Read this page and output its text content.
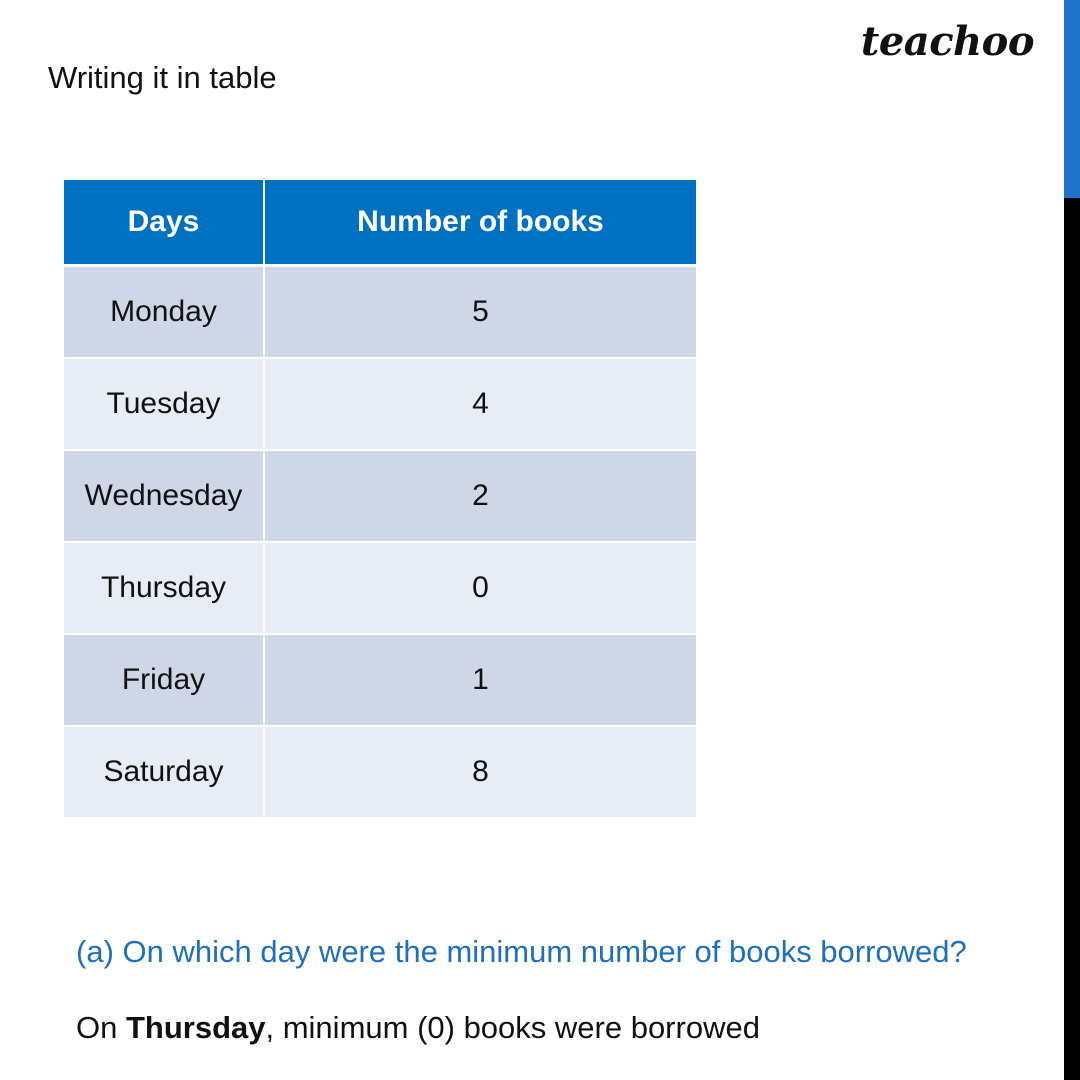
teachoo
Writing it in table
Days	Number of books
Monday	5
Tuesday	4
Wednesday	2
Thursday	0
Friday	1
Saturday	8
(a) On which day were the minimum number of books borrowed?
On Thursday, minimum (0) books were borrowed
